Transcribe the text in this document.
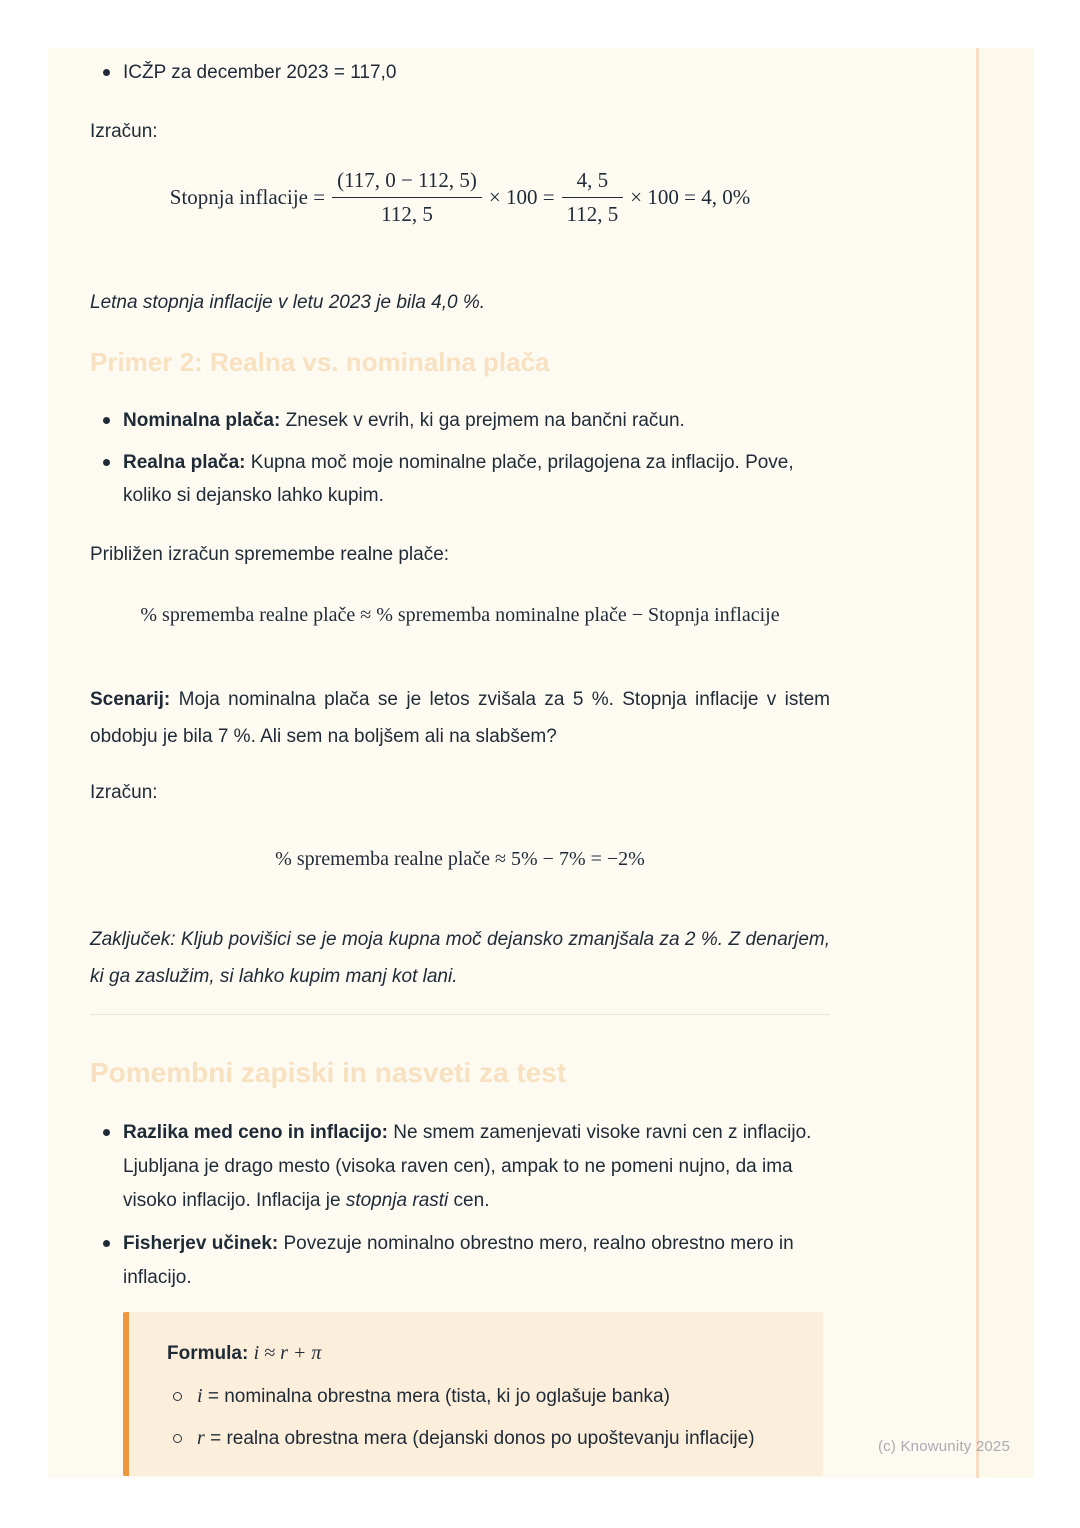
ICŽP za december 2023 = 117,0

Izračun:

Stopnja inflacije = $\frac{(117, 0 - 112, 5)}{112, 5} \times 100 = \frac{4, 5}{112, 5} \times 100 = 4$, 0%

Letna stopnja inflacije v letu 2023 je bila 4,0 %.

Primer 2: Realna vs. nominalna plača
Nominalna plača: Znesek v evrih, ki ga prejmem na bančni račun.
Realna plača: Kupna moč moje nominalne plače, prilagojena za inflacijo. Pove, koliko si dejansko lahko kupim.

Približen izračun spremembe realne plače:

% sprememba realne plače ≈ % sprememba nominalne plače − Stopnja inflacije

Scenarij: Moja nominalna plača se je letos zvišala za 5 %. Stopnja inflacije v istem obdobju je bila 7 %. Ali sem na boljšem ali na slabšem?

Izračun:

% sprememba realne plače ≈ 5% − 7% = −2%

Zaključek: Kljub povišici se je moja kupna moč dejansko zmanjšala za 2 %. Z denarjem, ki ga zaslužim, si lahko kupim manj kot lani.

Pomembni zapiski in nasveti za test
Razlika med ceno in inflacijo: Ne smem zamenjevati visoke ravni cen z inflacijo. Ljubljana je drago mesto (visoka raven cen), ampak to ne pomeni nujno, da ima visoko inflacijo. Inflacija je stopnja rasti cen.
Fisherjev učinek: Povezuje nominalno obrestno mero, realno obrestno mero in inflacijo.

Formula: i ≈ r + π

i = nominalna obrestna mera (tista, ki jo oglašuje banka)
r = realna obrestna mera (dejanski donos po upoštevanju inflacije)	(c) Knowunity 2025
